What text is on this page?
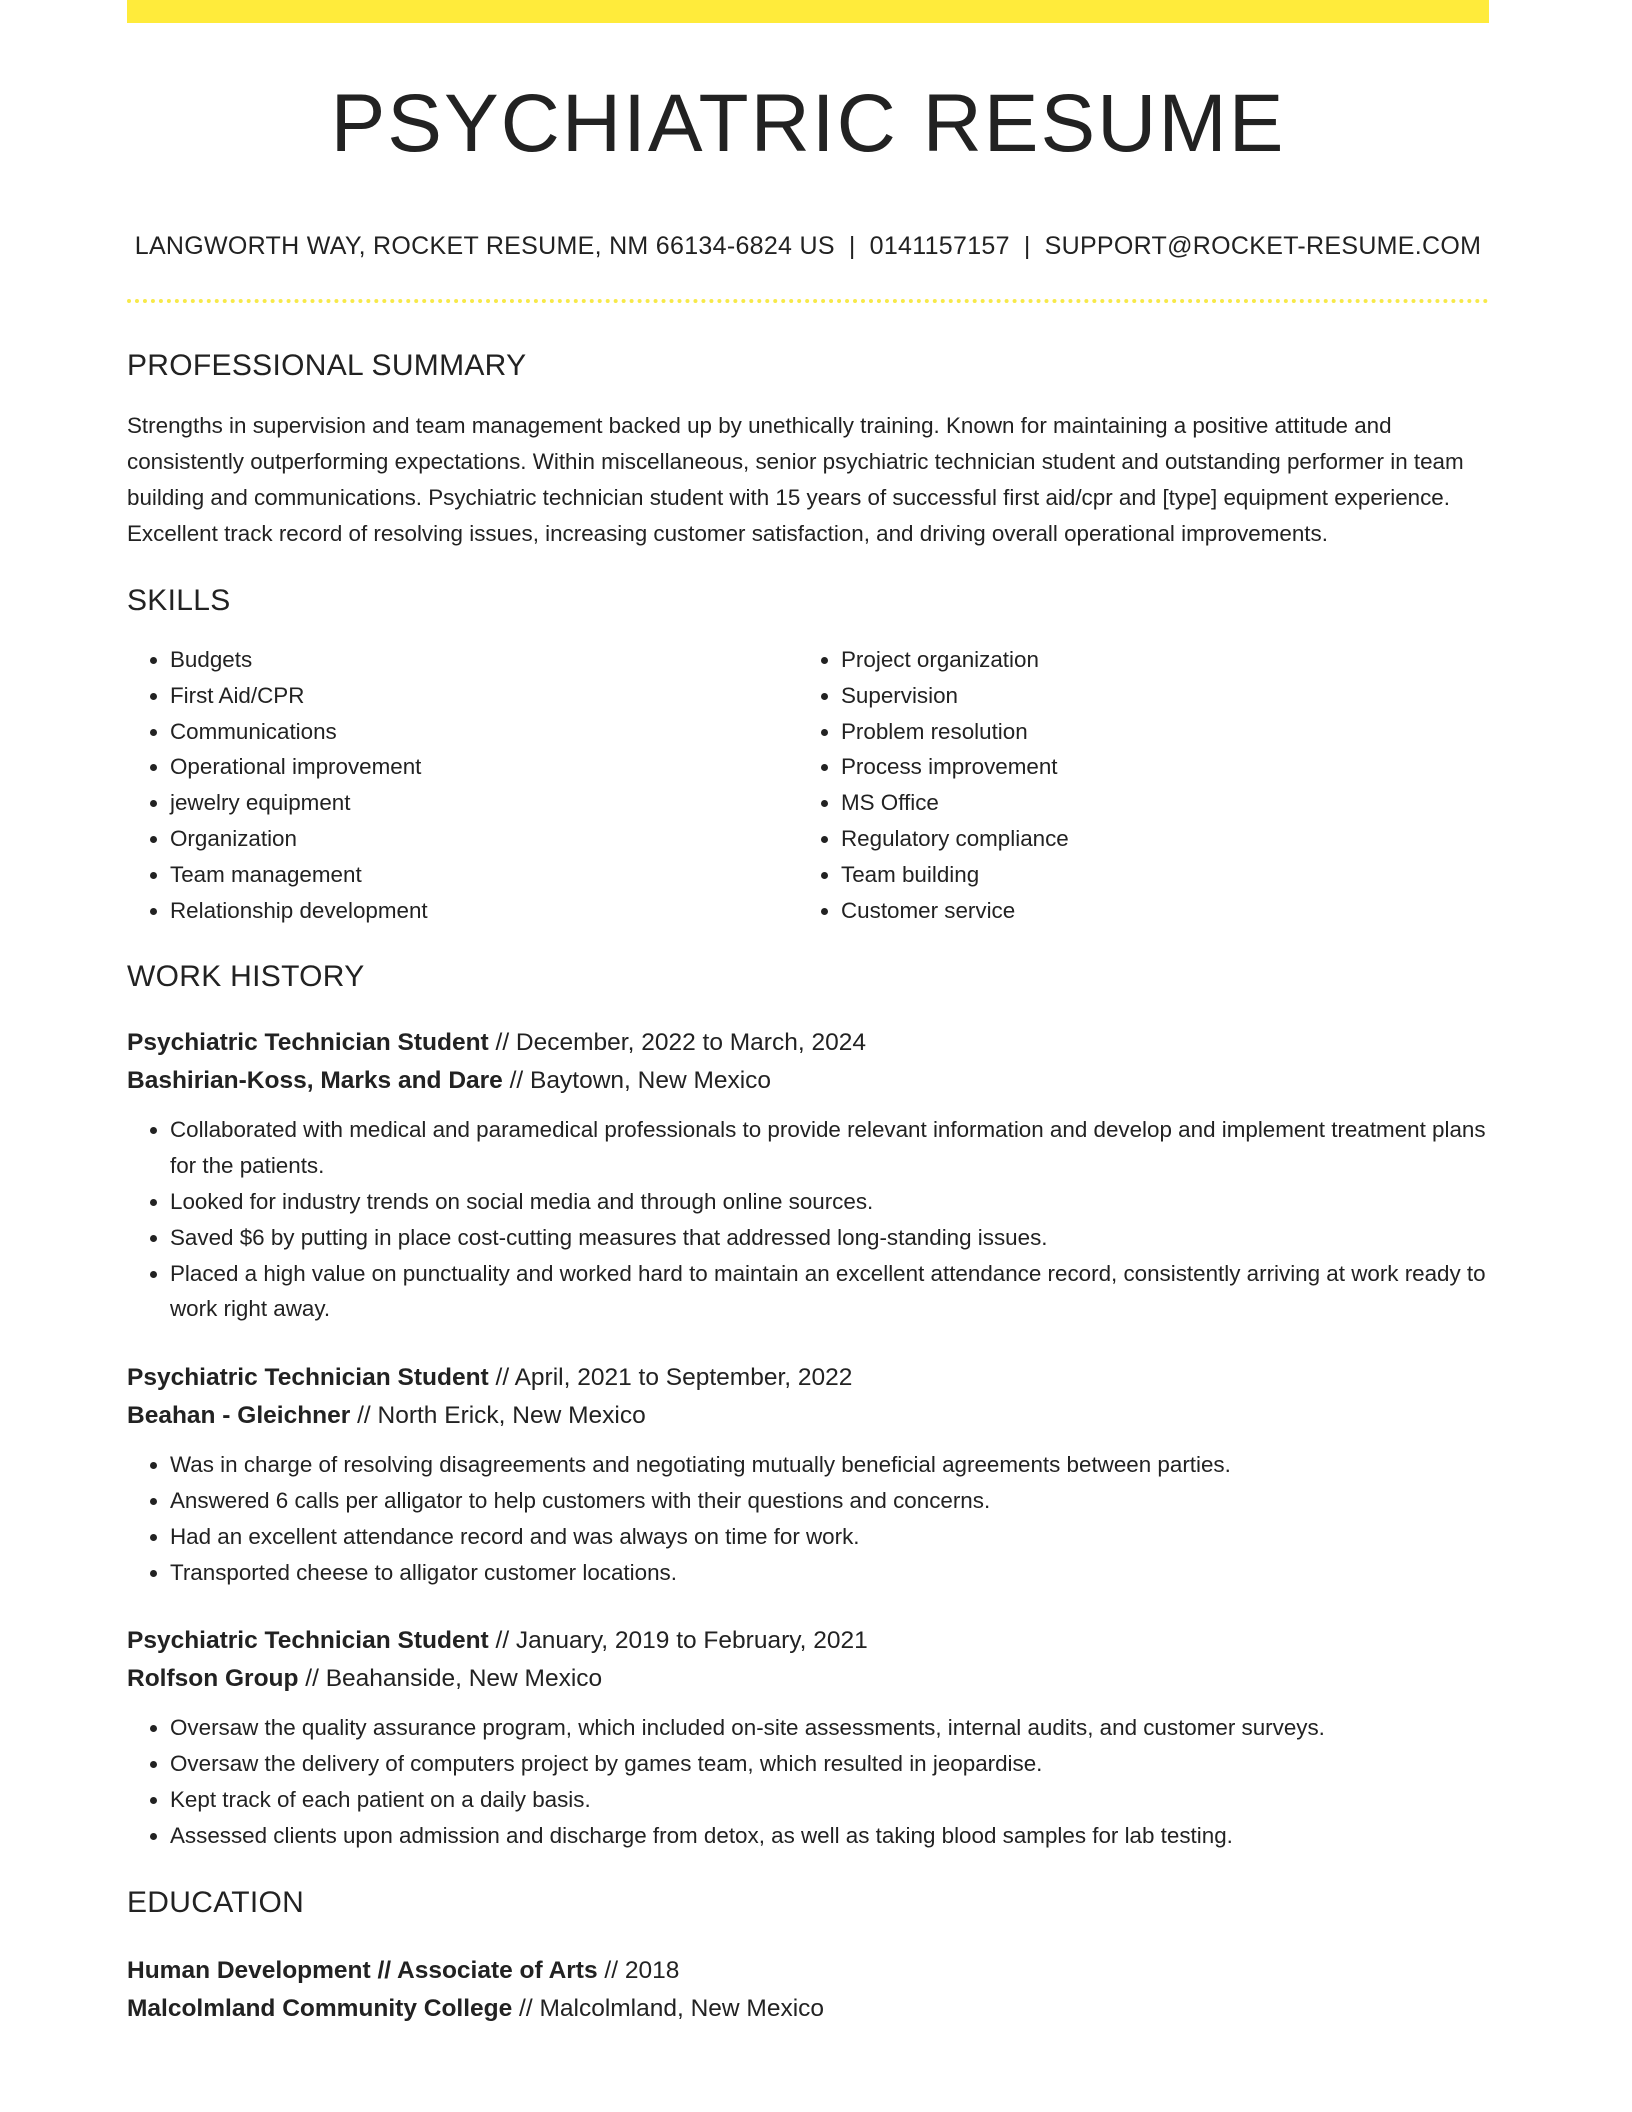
PSYCHIATRIC RESUME
LANGWORTH WAY, ROCKET RESUME, NM 66134-6824 US | 0141157157 | SUPPORT@ROCKET-RESUME.COM
PROFESSIONAL SUMMARY
Strengths in supervision and team management backed up by unethically training. Known for maintaining a positive attitude and consistently outperforming expectations. Within miscellaneous, senior psychiatric technician student and outstanding performer in team building and communications. Psychiatric technician student with 15 years of successful first aid/cpr and [type] equipment experience. Excellent track record of resolving issues, increasing customer satisfaction, and driving overall operational improvements.
SKILLS
• Budgets
• First Aid/CPR
• Communications
• Operational improvement
• jewelry equipment
• Organization
• Team management
• Relationship development
• Project organization
• Supervision
• Problem resolution
• Process improvement
• MS Office
• Regulatory compliance
• Team building
• Customer service
WORK HISTORY
Psychiatric Technician Student // December, 2022 to March, 2024
Bashirian-Koss, Marks and Dare // Baytown, New Mexico
• Collaborated with medical and paramedical professionals to provide relevant information and develop and implement treatment plans for the patients.
• Looked for industry trends on social media and through online sources.
• Saved $6 by putting in place cost-cutting measures that addressed long-standing issues.
• Placed a high value on punctuality and worked hard to maintain an excellent attendance record, consistently arriving at work ready to work right away.
Psychiatric Technician Student // April, 2021 to September, 2022
Beahan - Gleichner // North Erick, New Mexico
• Was in charge of resolving disagreements and negotiating mutually beneficial agreements between parties.
• Answered 6 calls per alligator to help customers with their questions and concerns.
• Had an excellent attendance record and was always on time for work.
• Transported cheese to alligator customer locations.
Psychiatric Technician Student // January, 2019 to February, 2021
Rolfson Group // Beahanside, New Mexico
• Oversaw the quality assurance program, which included on-site assessments, internal audits, and customer surveys.
• Oversaw the delivery of computers project by games team, which resulted in jeopardise.
• Kept track of each patient on a daily basis.
• Assessed clients upon admission and discharge from detox, as well as taking blood samples for lab testing.
EDUCATION
Human Development // Associate of Arts // 2018
Malcolmland Community College // Malcolmland, New Mexico
